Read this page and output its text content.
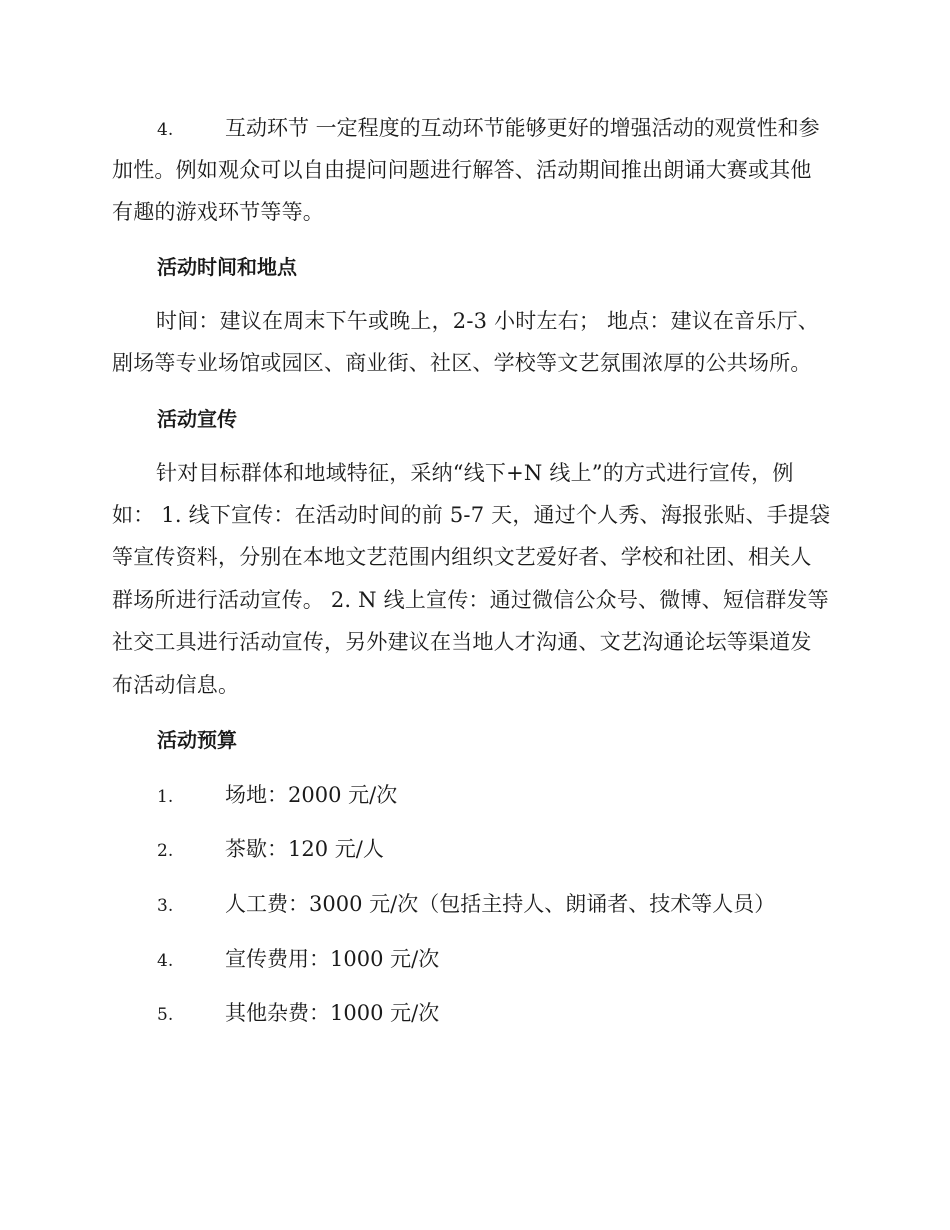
4. 互动环节 一定程度的互动环节能够更好的增强活动的观赏性和参

加性。例如观众可以自由提问问题进行解答、活动期间推出朗诵大赛或其他

有趣的游戏环节等等。

活动时间和地点

时间：建议在周末下午或晚上，2-3 小时左右； 地点：建议在音乐厅、

剧场等专业场馆或园区、商业街、社区、学校等文艺氛围浓厚的公共场所。

活动宣传

针对目标群体和地域特征，采纳“线下+N 线上”的方式进行宣传，例

如： 1. 线下宣传：在活动时间的前 5-7 天，通过个人秀、海报张贴、手提袋

等宣传资料，分别在本地文艺范围内组织文艺爱好者、学校和社团、相关人

群场所进行活动宣传。 2. N 线上宣传：通过微信公众号、微博、短信群发等

社交工具进行活动宣传，另外建议在当地人才沟通、文艺沟通论坛等渠道发

布活动信息。

活动预算

1. 场地：2000 元/次

2. 茶歇：120 元/人

3. 人工费：3000 元/次（包括主持人、朗诵者、技术等人员）

4. 宣传费用：1000 元/次

5. 其他杂费：1000 元/次
